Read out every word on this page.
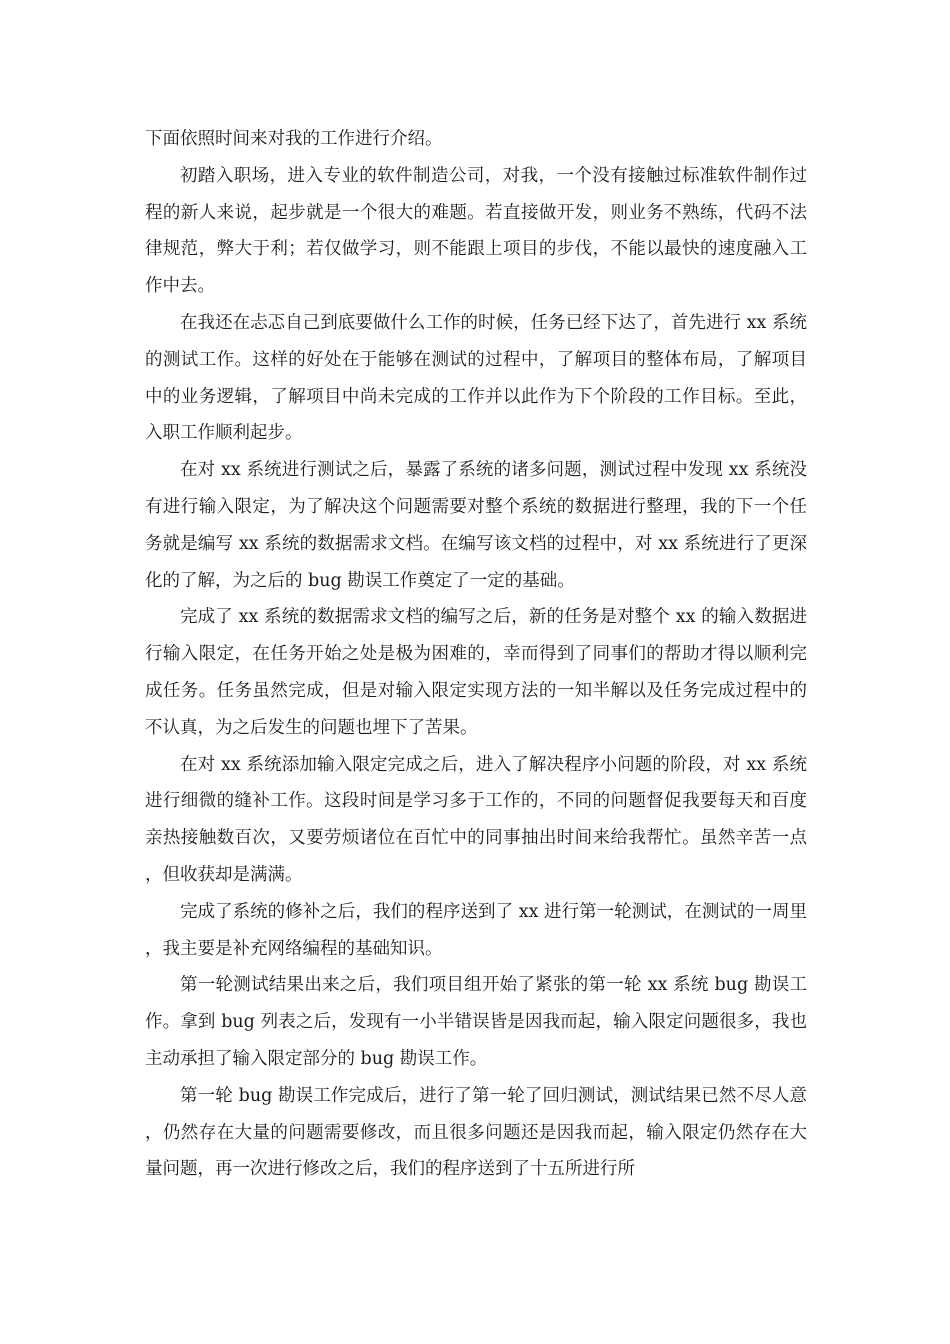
下面依照时间来对我的工作进行介绍。

初踏入职场，进入专业的软件制造公司，对我，一个没有接触过标准软件制作过程的新人来说，起步就是一个很大的难题。若直接做开发，则业务不熟练，代码不法律规范，弊大于利；若仅做学习，则不能跟上项目的步伐，不能以最快的速度融入工作中去。

在我还在忐忑自己到底要做什么工作的时候，任务已经下达了，首先进行 xx 系统的测试工作。这样的好处在于能够在测试的过程中，了解项目的整体布局，了解项目中的业务逻辑，了解项目中尚未完成的工作并以此作为下个阶段的工作目标。至此，入职工作顺利起步。

在对 xx 系统进行测试之后，暴露了系统的诸多问题，测试过程中发现 xx 系统没有进行输入限定，为了解决这个问题需要对整个系统的数据进行整理，我的下一个任务就是编写 xx 系统的数据需求文档。在编写该文档的过程中，对 xx 系统进行了更深化的了解，为之后的 bug 勘误工作奠定了一定的基础。

完成了 xx 系统的数据需求文档的编写之后，新的任务是对整个 xx 的输入数据进行输入限定，在任务开始之处是极为困难的，幸而得到了同事们的帮助才得以顺利完成任务。任务虽然完成，但是对输入限定实现方法的一知半解以及任务完成过程中的不认真，为之后发生的问题也埋下了苦果。

在对 xx 系统添加输入限定完成之后，进入了解决程序小问题的阶段，对 xx 系统进行细微的缝补工作。这段时间是学习多于工作的，不同的问题督促我要每天和百度亲热接触数百次，又要劳烦诸位在百忙中的同事抽出时间来给我帮忙。虽然辛苦一点，但收获却是满满。

完成了系统的修补之后，我们的程序送到了 xx 进行第一轮测试，在测试的一周里，我主要是补充网络编程的基础知识。

第一轮测试结果出来之后，我们项目组开始了紧张的第一轮 xx 系统 bug 勘误工作。拿到 bug 列表之后，发现有一小半错误皆是因我而起，输入限定问题很多，我也主动承担了输入限定部分的 bug 勘误工作。

第一轮 bug 勘误工作完成后，进行了第一轮了回归测试，测试结果已然不尽人意，仍然存在大量的问题需要修改，而且很多问题还是因我而起，输入限定仍然存在大量问题，再一次进行修改之后，我们的程序送到了十五所进行所
